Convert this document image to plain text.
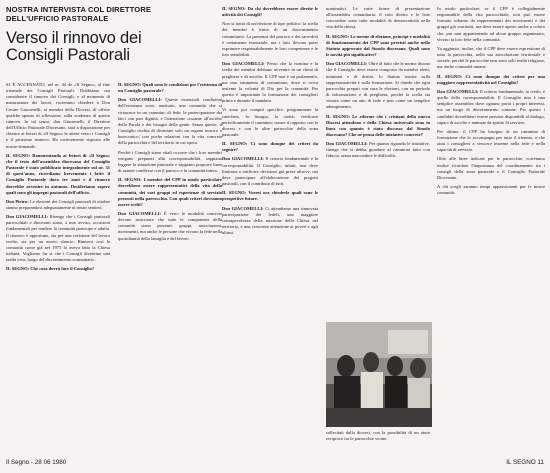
NOSTRA INTERVISTA COL DIRETTORE
DELL'UFFICIO PASTORALE
Verso il rinnovo dei
Consigli Pastorali

S1 È ACCENNATO, nel nr. 44 de «Il Segno», al fine triennale dei Consigli Pastorali. Dobbiamo ora considerare il rinnovo dei Consigli; e al momento di maturazione dei lavori, vorremmo chiedere a Don Cesare Giacomelli, ai membri della Diocesi, di offrire qualche spunto di riflessione, sulla scadenza di questo rinnovo. In tal senso, don Giacomelli, il Direttore dell'Ufficio Pastorale Diocesano, sarà a disposizione per chiarire ai lettori di «Il Segno» le attese verso i Consigli e il prossimo rinnovo. Ha cortesemente risposto alle nostre domande.

IL SEGNO: Rammentando ai lettori di «Il Segno» che il testo dell'assemblea diocesana del Consiglio Pastorale è stato pubblicato integralmente sul nr. 31 di quest'anno, ricordiamo brevemente i fatti: il Consiglio Pastorale dura tre anni e il rinnovo dovrebbe avvenire in autunno. Desideriamo sapere quali sono gli impegni pastorali dell'ufficio.

Don Pietro: Le elezioni dei Consigli pastorali di ottobre stanno preparandosi adeguatamente ai nostri sentieri.

Don GIACOMELLI: Ritengo che i Consigli pastorali parrocchiali e diocesani siano, a mio avviso, occasioni fondamentali per rendere la comunità partecipe e adulta. Il rinnovo è opportuno, sia per una revisione del lavoro svolto, sia per un nuovo slancio. Rinnova così la comunità come già nel 1975 lo aveva fatto la Chiesa italiana. Vogliamo far sì che i Consigli diventino una realtà viva, luogo del discernimento comunitario.

IL SEGNO: Che cosa dovrà fare il Consiglio?

IL SEGNO: Quali sono le condizioni per l'esistenza di un Consiglio pastorale?

Don GIACOMELLI: Queste essenziali condizioni dell'esistenza sono: anzitutto, una comunità che si riconosca in un cammino di fede, la partecipazione dei laici con pari dignità, e l'attenzione costante all'ascolto della Parola e dei bisogni della gente. Senza queste, il Consiglio rischia di diventare solo un organo tecnico o burocratico, con poche relazioni con la vita concreta della parrocchia e del territorio in cui opera.

Perché i Consigli siano vitali occorre che i loro membri vengano preparati alla corresponsabilità, sappiano leggere la situazione pastorale e sappiano proporre linee di azione condivise con il parroco e la comunità intera.

IL SEGNO: I membri del CPP in modo particolare dovrebbero essere rappresentativi della vita della comunità, dei vari gruppi ed esperienze di servizio presenti nella parrocchia. Con quali criteri dovranno essere scelti?

Don GIACOMELLI: È vero: le modalità concrete devono assicurare che tutte le componenti della comunità siano presenti: gruppi, associazioni, movimenti, ma anche le persone che vivono la fede nella quotidianità della famiglia e del lavoro.

IL SEGNO: Da chi dovrebbero essere dirette le attività dei Consigli?

Non si tratta di un'elezione di tipo politico: la scelta dei membri è frutto di un discernimento comunitario. La presenza del parroco e dei sacerdoti è certamente essenziale, ma i laici devono poter esprimere responsabilmente le loro competenze e le loro sensibilità.

Don GIACOMELLI: Penso che la nomina e la scelta dei membri debbano avvenire in un clima di preghiera e di ascolto. Il CPP non è un parlamento, ma uno strumento di comunione, dove si cerca insieme la volontà di Dio per la comunità. Per questo è importante la formazione dei consiglieri prima e durante il mandato.

Vi sono poi compiti specifici: programmare la catechesi, la liturgia, la carità; verificare periodicamente il cammino; curare il rapporto con la diocesi e con le altre parrocchie della zona pastorale.

IL SEGNO: Ci sono dunque dei criteri da seguire?

Don GIACOMELLI: Il criterio fondamentale è la corresponsabilità. Il Consiglio, infatti, non deve limitarsi a ratificare decisioni già prese altrove, ma deve partecipare all'elaborazione dei progetti pastorali, con il contributo di tutti.

IL SEGNO: Vorrei ora chiederle quali sono le prospettive future.

Don GIACOMELLI: Ci attendiamo una rinnovata partecipazione dei fedeli, una maggiore consapevolezza della missione della Chiesa nel territorio, e una crescente attenzione ai poveri e agli ultimi.

nominativi. Le varie forme di presentazione all'assemblea comunitaria, il voto diretto e le liste concordate sono tutte modalità di democraticità nella vita della chiesa.

IL SEGNO: Le norme di elezione, principi e modalità di funzionamento dei CPP sono previsti anche nello Statuto approvato dal Sinodo diocesano. Quali sono le novità più significative?

Don GIACOMELLI: Oltre al fatto che le norme dicono che il Consiglio deve essere composto da membri eletti, nominati e di diritto, lo Statuto insiste sulla rappresentatività e sulla formazione. Si chiede che ogni parrocchia prepari con cura le elezioni, con un periodo di informazione e di preghiera, perché la scelta sia vissuta come un atto di fede e non come un semplice adempimento.

IL SEGNO: Le riforme che i cristiani della nuova Diocesi attendono e della Chiesa universale sono in linea con quanto è stato discusso dal Sinodo diocesano? Che ne pensa delle iniziative concrete?

Don GIACOMELLI: Per quanto riguarda le iniziative, ritengo che si debba guardare al cammino fatto con fiducia, senza nascondere le difficoltà.

sollecitati dalla diocesi, con la possibilità di un aiuto reciproco tra le parrocchie vicine.

In modo particolare, se il CPP è collegialmente responsabile della vita parrocchiale, non può essere formato soltanto da rappresentanti dei movimenti e dei gruppi già costituiti, ma deve essere aperto anche a coloro che, pur non appartenendo ad alcun gruppo organizzato, vivono la loro fede nella comunità.

Va aggiunto, inoltre, che il CPP deve essere espressione di tutta la parrocchia, nella sua articolazione territoriale e sociale, perché le parrocchie non sono solo realtà religiose, ma anche comunità umane.

IL SEGNO: Ci sono dunque dei criteri per una maggiore rappresentatività nel Consiglio?

Don GIACOMELLI: Il criterio fondamentale, io credo, è quello della corresponsabilità. Il Consiglio non è una semplice assemblea dove ognuno porta i propri interessi, ma un luogo di discernimento comune. Per questo i candidati dovrebbero essere persone disponibili al dialogo, capaci di ascolto e animate da spirito di servizio.

Per ultimo: il CPP ha bisogno di un cammino di formazione che lo accompagni per tutto il triennio, e che aiuti i consiglieri a crescere insieme nella fede e nella capacità di servizio.

Oltre alle linee indicate per le parrocchie, vorremmo inoltre ricordare l'importanza del coordinamento tra i consigli della zona pastorale e il Consiglio Pastorale Diocesano.

A chi scegli saranno tempi appassionanti per le nostre comunità.

Il Segno - 28 06 1980	IL SEGNO 11
